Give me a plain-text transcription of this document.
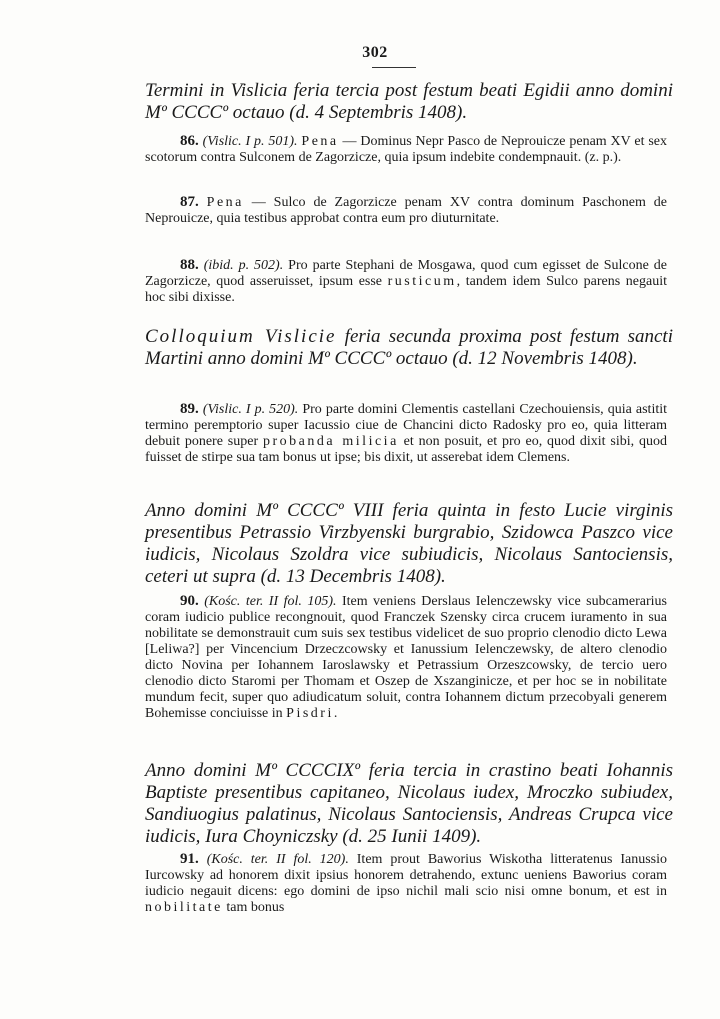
302
Termini in Vislicia feria tercia post festum beati Egidii anno domini Mº CCCCº octauo (d. 4 Septembris 1408).
86. (Vislic. I p. 501). Pena — Dominus Nepr Pasco de Neprouicze penam XV et sex scotorum contra Sulconem de Zagorzicze, quia ipsum indebite condempnauit. (z. p.).
87. Pena — Sulco de Zagorzicze penam XV contra dominum Paschonem de Neprouicze, quia testibus approbat contra eum pro diuturnitate.
88. (ibid. p. 502). Pro parte Stephani de Mosgawa, quod cum egisset de Sulcone de Zagorzicze, quod asseruisset, ipsum esse rusticum, tandem idem Sulco parens negauit hoc sibi dixisse.
Colloquium Vislicie feria secunda proxima post festum sancti Martini anno domini Mº CCCCº octauo (d. 12 Novembris 1408).
89. (Vislic. I p. 520). Pro parte domini Clementis castellani Czechouiensis, quia astitit termino peremptorio super Iacussio ciue de Chancini dicto Radosky pro eo, quia litteram debuit ponere super probanda milicia et non posuit, et pro eo, quod dixit sibi, quod fuisset de stirpe sua tam bonus ut ipse; bis dixit, ut asserebat idem Clemens.
Anno domini Mº CCCCº VIII feria quinta in festo Lucie virginis presentibus Petrassio Virzbyenski burgrabio, Szidowca Paszco vice iudicis, Nicolaus Szoldra vice subiudicis, Nicolaus Santociensis, ceteri ut supra (d. 13 Decembris 1408).
90. (Kośc. ter. II fol. 105). Item veniens Derslaus Ielenczewsky vice subcamerarius coram iudicio publice recongnouit, quod Franczek Szensky circa crucem iuramento in sua nobilitate se demonstrauit cum suis sex testibus videlicet de suo proprio clenodio dicto Lewa [Leliwa?] per Vincencium Drzeczcowsky et Ianussium Ielenczewsky, de altero clenodio dicto Novina per Iohannem Iaroslawsky et Petrassium Orzeszcowsky, de tercio uero clenodio dicto Staromi per Thomam et Oszep de Xszanginicze, et per hoc se in nobilitate mundum fecit, super quo adiudicatum soluit, contra Iohannem dictum przecobyali generem Bohemisse conciuisse in Pisdri.
Anno domini Mº CCCCIXº feria tercia in crastino beati Iohannis Baptiste presentibus capitaneo, Nicolaus iudex, Mroczko subiudex, Sandiuogius palatinus, Nicolaus Santociensis, Andreas Crupca vice iudicis, Iura Choyniczsky (d. 25 Iunii 1409).
91. (Kośc. ter. II fol. 120). Item prout Baworius Wiskotha litteratenus Ianussio Iurcowsky ad honorem dixit ipsius honorem detrahendo, extunc ueniens Baworius coram iudicio negauit dicens: ego domini de ipso nichil mali scio nisi omne bonum, et est in nobilitate tam bonus
